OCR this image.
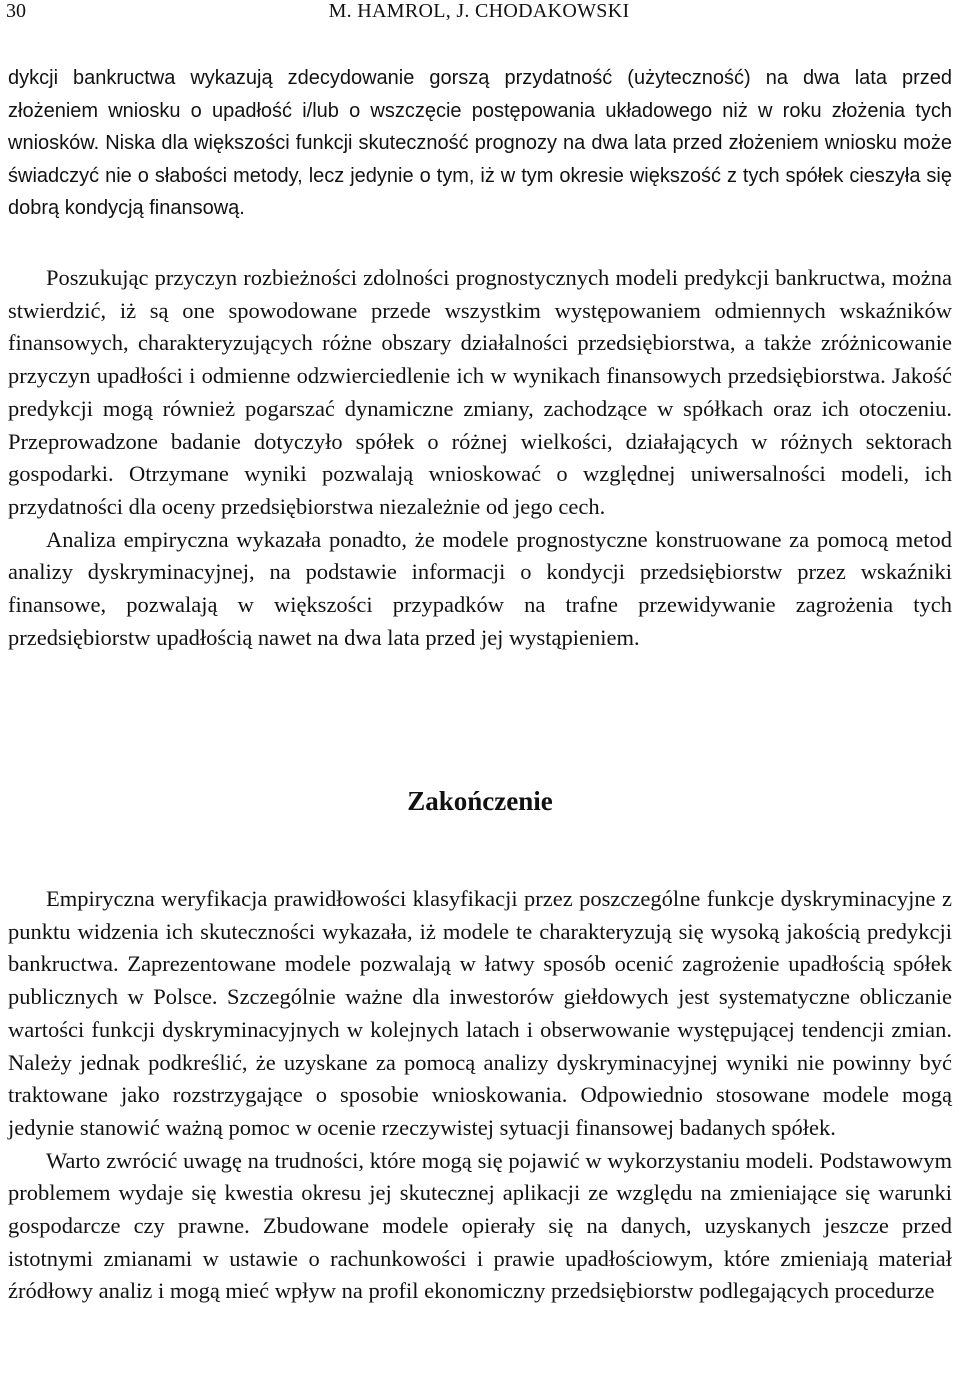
30	M. HAMROL, J. CHODAKOWSKI

dykcji bankructwa wykazują zdecydowanie gorszą przydatność (użyteczność) na dwa lata przed złożeniem wniosku o upadłość i/lub o wszczęcie postępowania układowego niż w roku złożenia tych wniosków. Niska dla większości funkcji skuteczność prognozy na dwa lata przed złożeniem wniosku może świadczyć nie o słabości metody, lecz jedynie o tym, iż w tym okresie większość z tych spółek cieszyła się dobrą kondycją finansową.

Poszukując przyczyn rozbieżności zdolności prognostycznych modeli predykcji bankructwa, można stwierdzić, iż są one spowodowane przede wszystkim występowaniem odmiennych wskaźników finansowych, charakteryzujących różne obszary działalności przedsiębiorstwa, a także zróżnicowanie przyczyn upadłości i odmienne odzwierciedlenie ich w wynikach finansowych przedsiębiorstwa. Jakość predykcji mogą również pogarszać dynamiczne zmiany, zachodzące w spółkach oraz ich otoczeniu. Przeprowadzone badanie dotyczyło spółek o różnej wielkości, działających w różnych sektorach gospodarki. Otrzymane wyniki pozwalają wnioskować o względnej uniwersalności modeli, ich przydatności dla oceny przedsiębiorstwa niezależnie od jego cech.

Analiza empiryczna wykazała ponadto, że modele prognostyczne konstruowane za pomocą metod analizy dyskryminacyjnej, na podstawie informacji o kondycji przedsiębiorstw przez wskaźniki finansowe, pozwalają w większości przypadków na trafne przewidywanie zagrożenia tych przedsiębiorstw upadłością nawet na dwa lata przed jej wystąpieniem.

Zakończenie

Empiryczna weryfikacja prawidłowości klasyfikacji przez poszczególne funkcje dyskryminacyjne z punktu widzenia ich skuteczności wykazała, iż modele te charakteryzują się wysoką jakością predykcji bankructwa. Zaprezentowane modele pozwalają w łatwy sposób ocenić zagrożenie upadłością spółek publicznych w Polsce. Szczególnie ważne dla inwestorów giełdowych jest systematyczne obliczanie wartości funkcji dyskryminacyjnych w kolejnych latach i obserwowanie występującej tendencji zmian. Należy jednak podkreślić, że uzyskane za pomocą analizy dyskryminacyjnej wyniki nie powinny być traktowane jako rozstrzygające o sposobie wnioskowania. Odpowiednio stosowane modele mogą jedynie stanowić ważną pomoc w ocenie rzeczywistej sytuacji finansowej badanych spółek.

Warto zwrócić uwagę na trudności, które mogą się pojawić w wykorzystaniu modeli. Podstawowym problemem wydaje się kwestia okresu jej skutecznej aplikacji ze względu na zmieniające się warunki gospodarcze czy prawne. Zbudowane modele opierały się na danych, uzyskanych jeszcze przed istotnymi zmianami w ustawie o rachunkowości i prawie upadłościowym, które zmieniają materiał źródłowy analiz i mogą mieć wpływ na profil ekonomiczny przedsiębiorstw podlegających procedurze
